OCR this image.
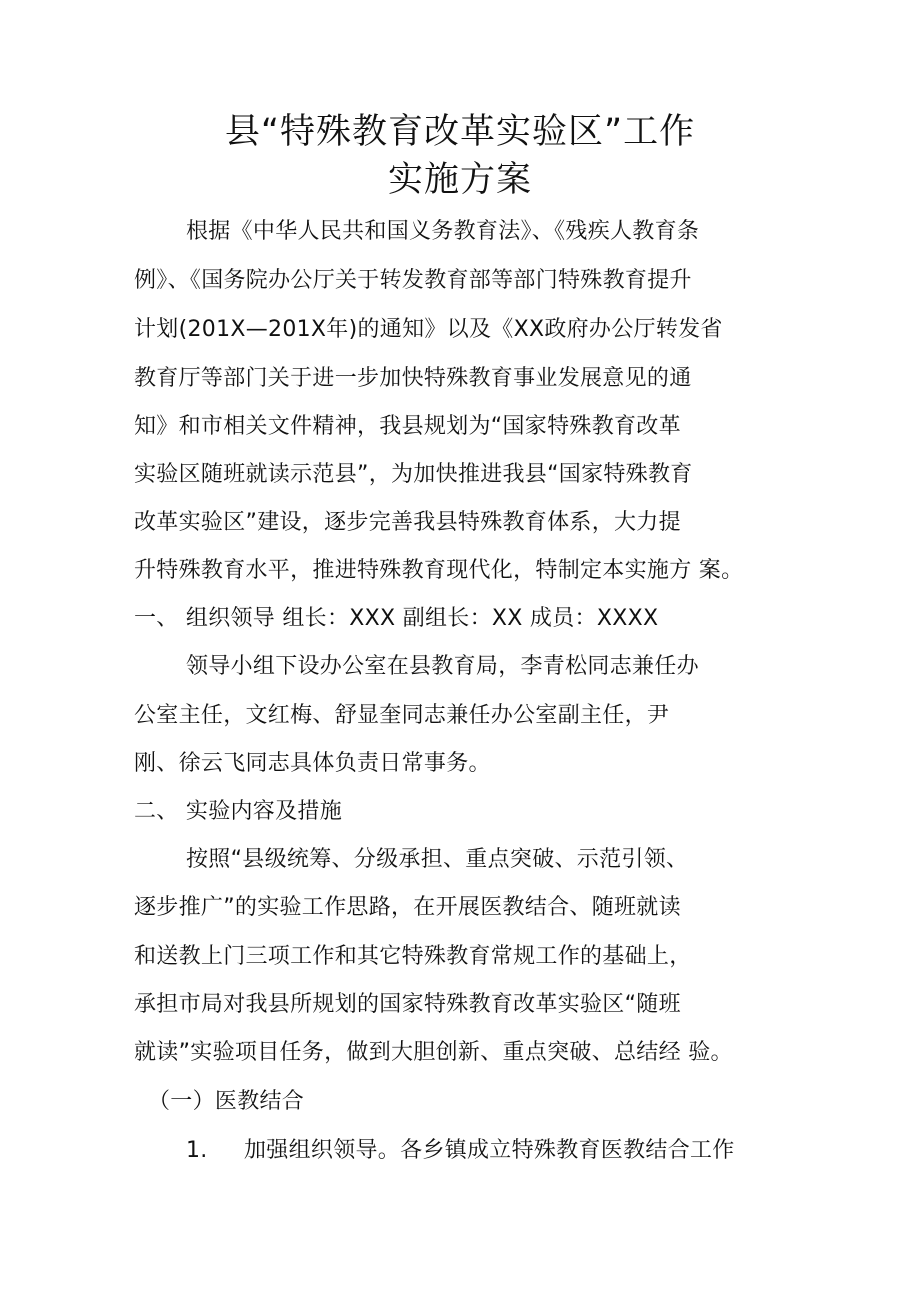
县“特殊教育改革实验区”工作
实施方案
根据《中华人民共和国义务教育法》、《残疾人教育条
例》、《国务院办公厅关于转发教育部等部门特殊教育提升
计划(201X—201X年)的通知》以及《XX政府办公厅转发省
教育厅等部门关于进一步加快特殊教育事业发展意见的通
知》和市相关文件精神，我县规划为“国家特殊教育改革
实验区随班就读示范县”，为加快推进我县“国家特殊教育
改革实验区”建设，逐步完善我县特殊教育体系，大力提
升特殊教育水平，推进特殊教育现代化，特制定本实施方 案。
一、 组织领导 组长：XXX 副组长：XX 成员：XXXX
领导小组下设办公室在县教育局，李青松同志兼任办
公室主任，文红梅、舒显奎同志兼任办公室副主任，尹
刚、徐云飞同志具体负责日常事务。
二、 实验内容及措施
按照“县级统筹、分级承担、重点突破、示范引领、
逐步推广”的实验工作思路，在开展医教结合、随班就读
和送教上门三项工作和其它特殊教育常规工作的基础上，
承担市局对我县所规划的国家特殊教育改革实验区“随班
就读”实验项目任务，做到大胆创新、重点突破、总结经 验。
（一）医教结合
1. 加强组织领导。各乡镇成立特殊教育医教结合工作
